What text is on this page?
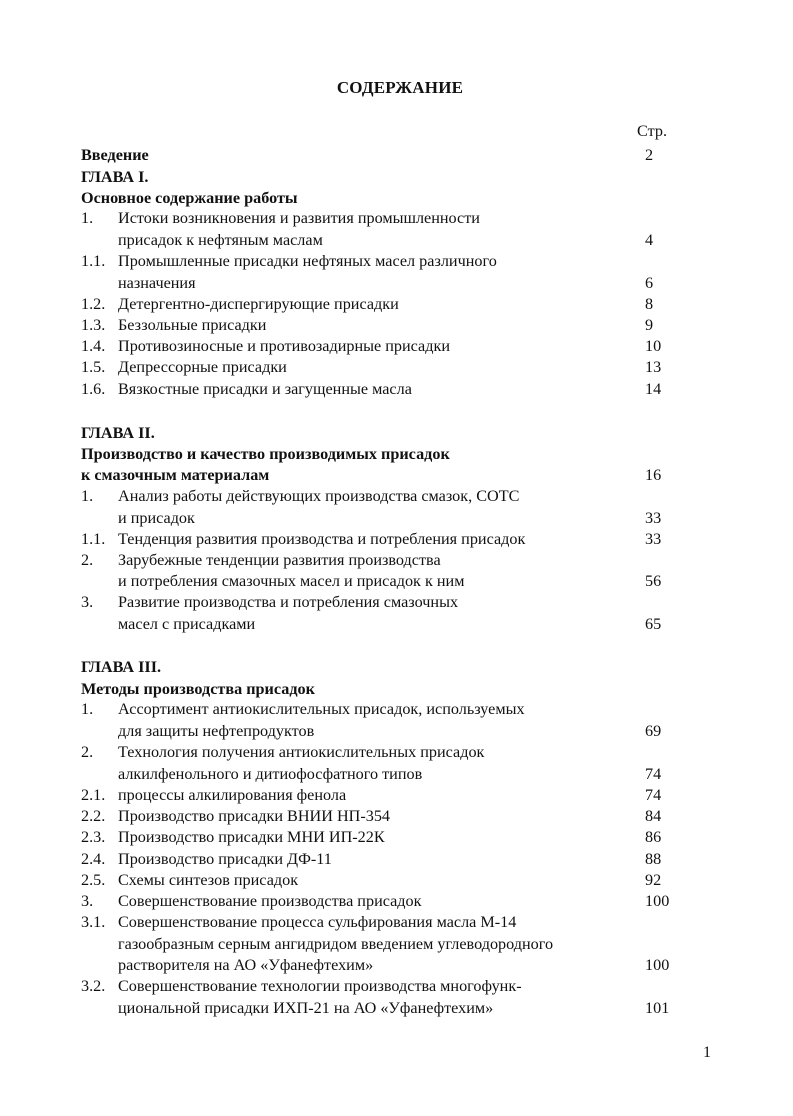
СОДЕРЖАНИЕ
Стр.
Введение	2
ГЛАВА I.
Основное содержание работы
1. Истоки возникновения и развития промышленности
присадок к нефтяным маслам	4
1.1. Промышленные присадки нефтяных масел различного
назначения	6
1.2. Детергентно-диспергирующие присадки	8
1.3. Беззольные присадки	9
1.4. Противозиносные и противозадирные присадки	10
1.5. Депрессорные присадки	13
1.6. Вязкостные присадки и загущенные масла	14
ГЛАВА II.
Производство и качество производимых присадок
к смазочным материалам	16
1. Анализ работы действующих производства смазок, СОТС
и присадок	33
1.1. Тенденция развития производства и потребления присадок	33
2. Зарубежные тенденции развития производства
и потребления смазочных масел и присадок к ним	56
3. Развитие производства и потребления смазочных
масел с присадками	65
ГЛАВА III.
Методы производства присадок
1. Ассортимент антиокислительных присадок, используемых
для защиты нефтепродуктов	69
2. Технология получения антиокислительных присадок
алкилфенольного и дитиофосфатного типов	74
2.1. процессы алкилирования фенола	74
2.2. Производство присадки ВНИИ НП-354	84
2.3. Производство присадки МНИ ИП-22К	86
2.4. Производство присадки ДФ-11	88
2.5. Схемы синтезов присадок	92
3. Совершенствование производства присадок	100
3.1. Совершенствование процесса сульфирования масла М-14
газообразным серным ангидридом введением углеводородного
растворителя на АО «Уфанефтехим»	100
3.2. Совершенствование технологии производства многофунк-
циональной присадки ИХП-21 на АО «Уфанефтехим»	101
1
